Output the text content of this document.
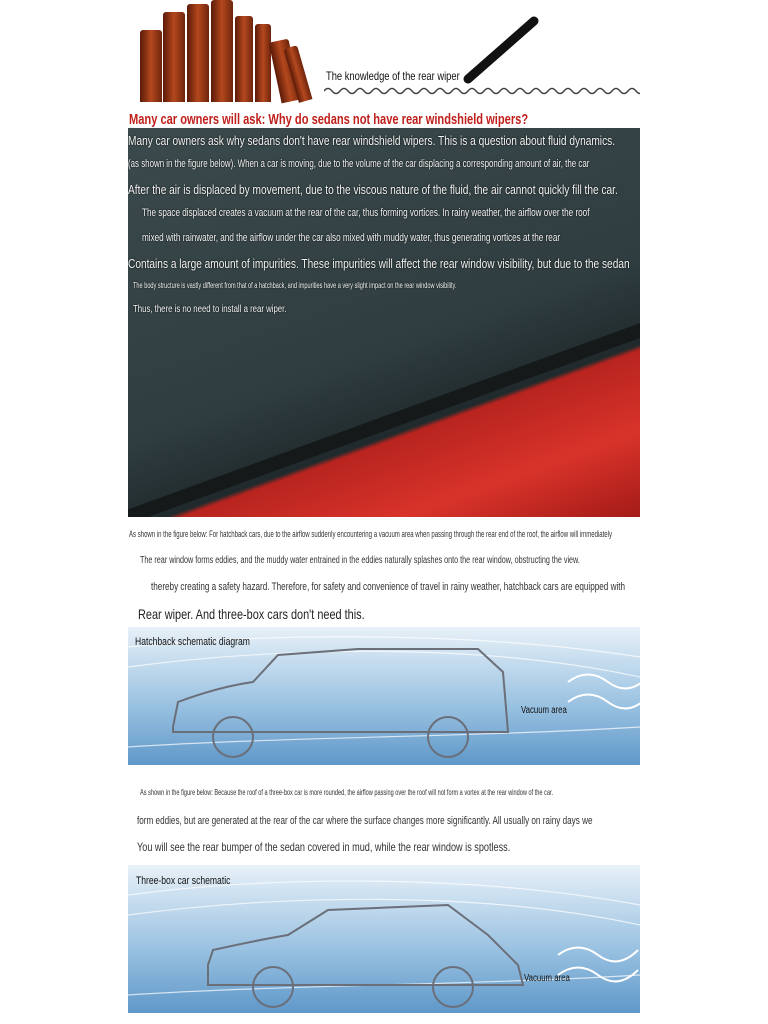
The knowledge of the rear wiper
Many car owners will ask: Why do sedans not have rear windshield wipers?
Many car owners ask why sedans don't have rear windshield wipers. This is a question about fluid dynamics.
(as shown in the figure below). When a car is moving, due to the volume of the car displacing a corresponding amount of air, the car
After the air is displaced by movement, due to the viscous nature of the fluid, the air cannot quickly fill the car.
The space displaced creates a vacuum at the rear of the car, thus forming vortices. In rainy weather, the airflow over the roof
mixed with rainwater, and the airflow under the car also mixed with muddy water, thus generating vortices at the rear
Contains a large amount of impurities. These impurities will affect the rear window visibility, but due to the sedan
The body structure is vastly different from that of a hatchback, and impurities have a very slight impact on the rear window visibility.
Thus, there is no need to install a rear wiper.
As shown in the figure below: For hatchback cars, due to the airflow suddenly encountering a vacuum area when passing through the rear end of the roof, the airflow will immediately
The rear window forms eddies, and the muddy water entrained in the eddies naturally splashes onto the rear window, obstructing the view.
thereby creating a safety hazard. Therefore, for safety and convenience of travel in rainy weather, hatchback cars are equipped with
Rear wiper. And three-box cars don't need this.
Hatchback schematic diagram
Vacuum area
As shown in the figure below: Because the roof of a three-box car is more rounded, the airflow passing over the roof will not form a vortex at the rear window of the car.
form eddies, but are generated at the rear of the car where the surface changes more significantly. All usually on rainy days we
You will see the rear bumper of the sedan covered in mud, while the rear window is spotless.
Three-box car schematic
Vacuum area
